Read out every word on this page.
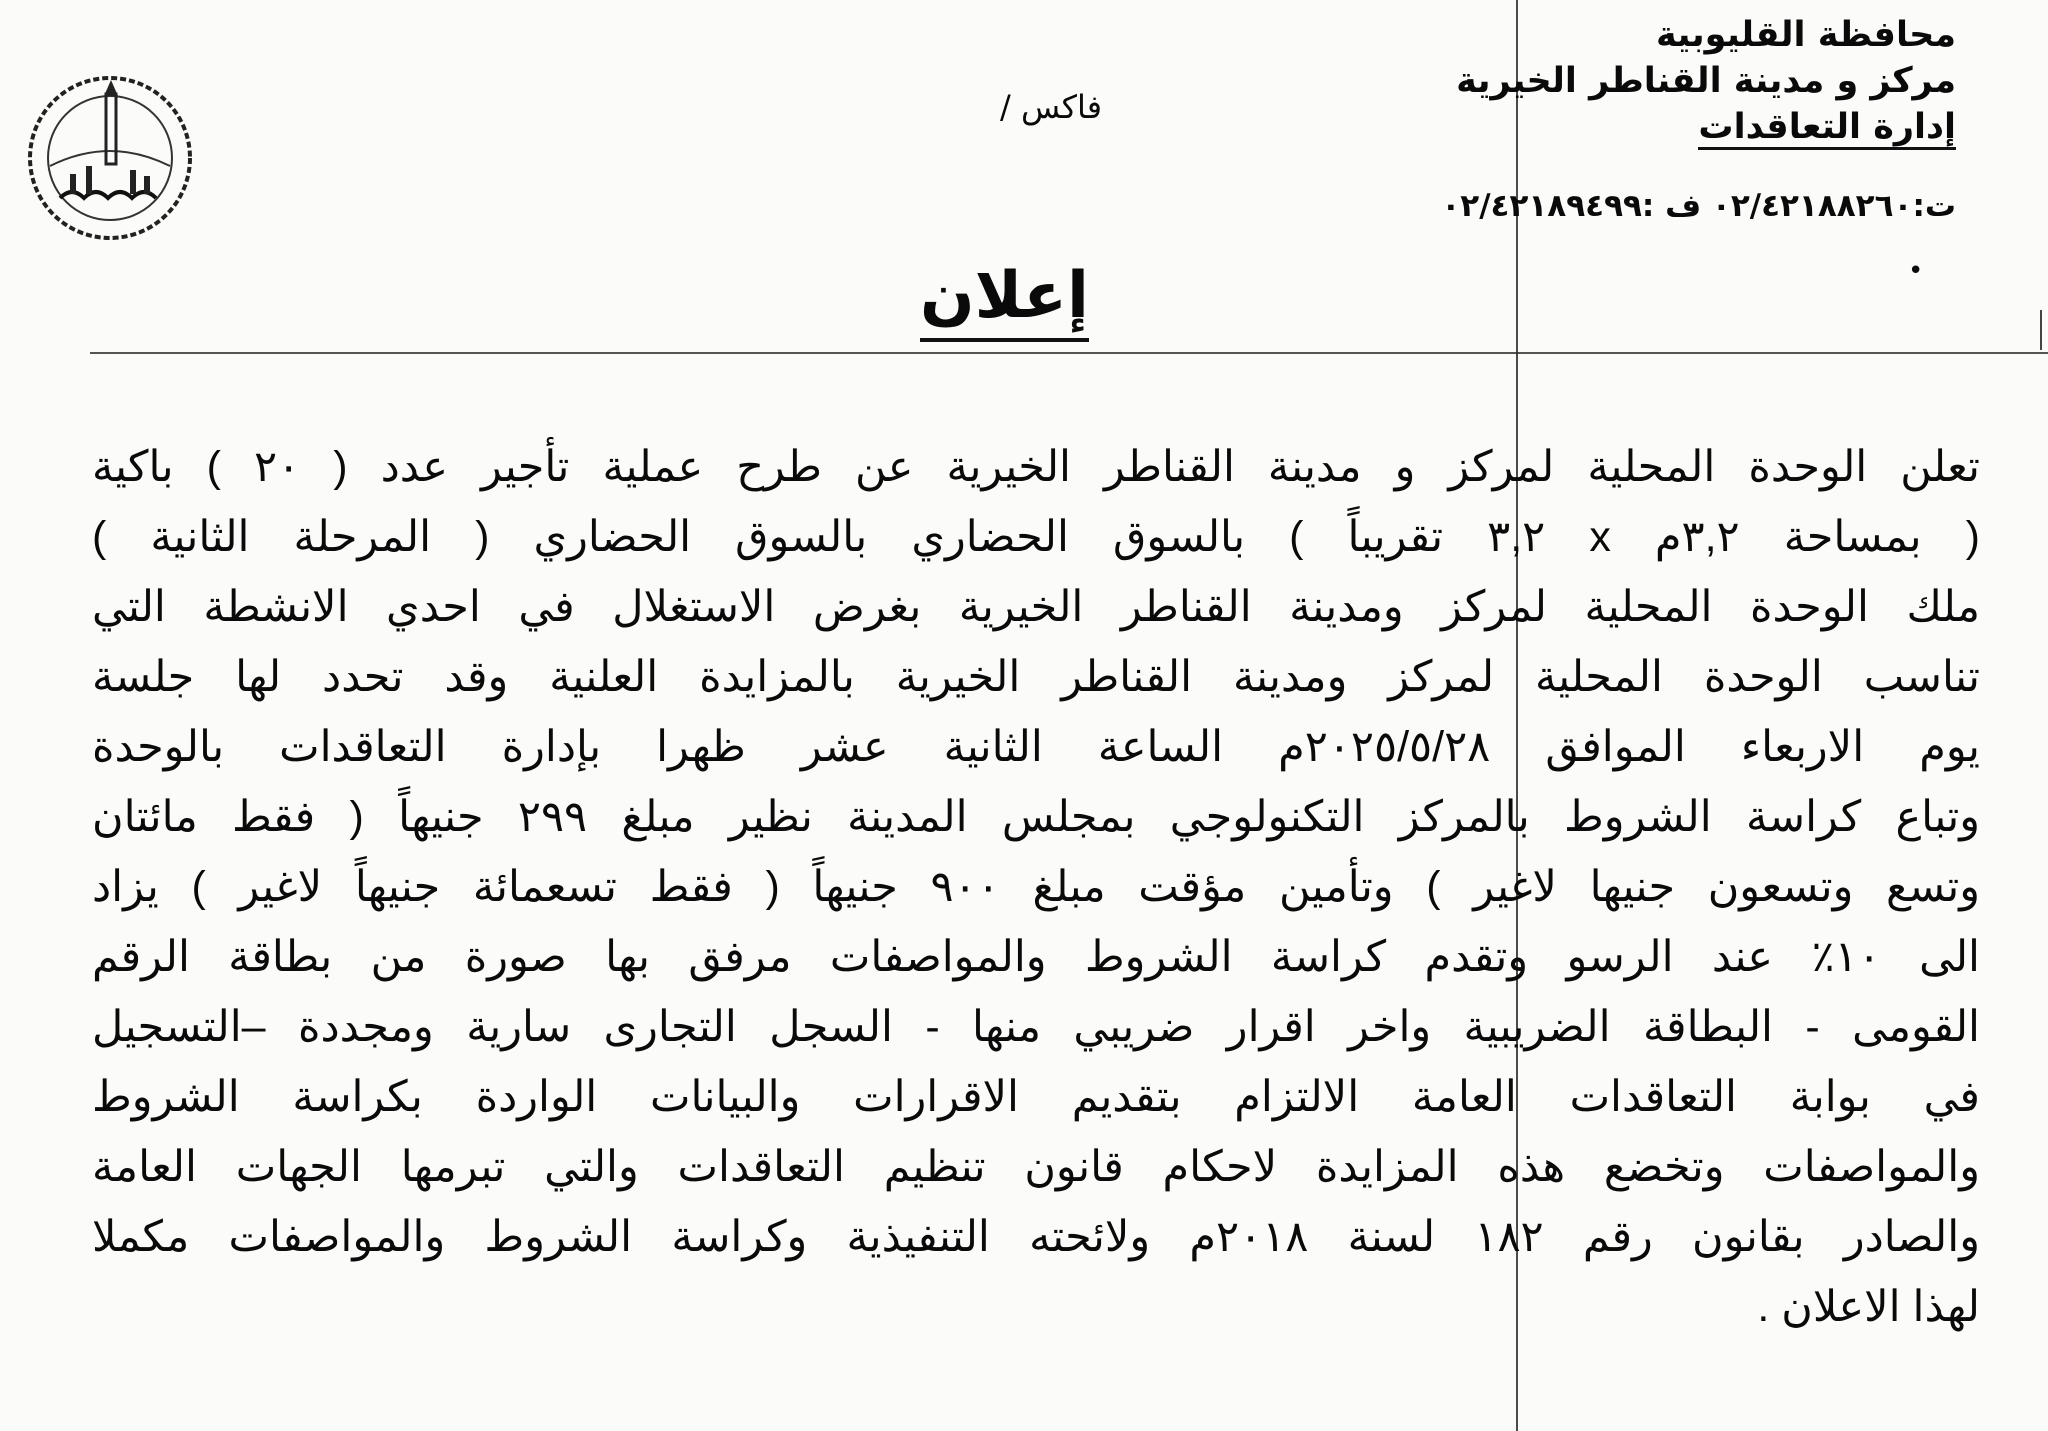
محافظة القليوبية
مركز و مدينة القناطر الخيرية
إدارة التعاقدات
ت:٠٢/٤٢١٨٨٢٦٠ ف :٠٢/٤٢١٨٩٤٩٩
فاكس /
إعلان	•
تعلن الوحدة المحلية لمركز و مدينة القناطر الخيرية عن طرح عملية تأجير عدد ( ٢٠ ) باكية
( بمساحة ٣,٢م x ٣,٢ تقريباً ) بالسوق الحضاري بالسوق الحضاري ( المرحلة الثانية )
ملك الوحدة المحلية لمركز ومدينة القناطر الخيرية بغرض الاستغلال في احدي الانشطة التي
تناسب الوحدة المحلية لمركز ومدينة القناطر الخيرية بالمزايدة العلنية وقد تحدد لها جلسة
يوم الاربعاء الموافق ٢٠٢٥/٥/٢٨م الساعة الثانية عشر ظهرا بإدارة التعاقدات بالوحدة
وتباع كراسة الشروط بالمركز التكنولوجي بمجلس المدينة نظير مبلغ ٢٩٩ جنيهاً ( فقط مائتان
وتسع وتسعون جنيها لاغير ) وتأمين مؤقت مبلغ ٩٠٠ جنيهاً ( فقط تسعمائة جنيهاً لاغير ) يزاد
الى ١٠٪ عند الرسو وتقدم كراسة الشروط والمواصفات مرفق بها صورة من بطاقة الرقم
القومى - البطاقة الضريبية واخر اقرار ضريبي منها - السجل التجارى سارية ومجددة –التسجيل
في بوابة التعاقدات العامة الالتزام بتقديم الاقرارات والبيانات الواردة بكراسة الشروط
والمواصفات وتخضع هذه المزايدة لاحكام قانون تنظيم التعاقدات والتي تبرمها الجهات العامة
والصادر بقانون رقم ١٨٢ لسنة ٢٠١٨م ولائحته التنفيذية وكراسة الشروط والمواصفات مكملا
لهذا الاعلان .
